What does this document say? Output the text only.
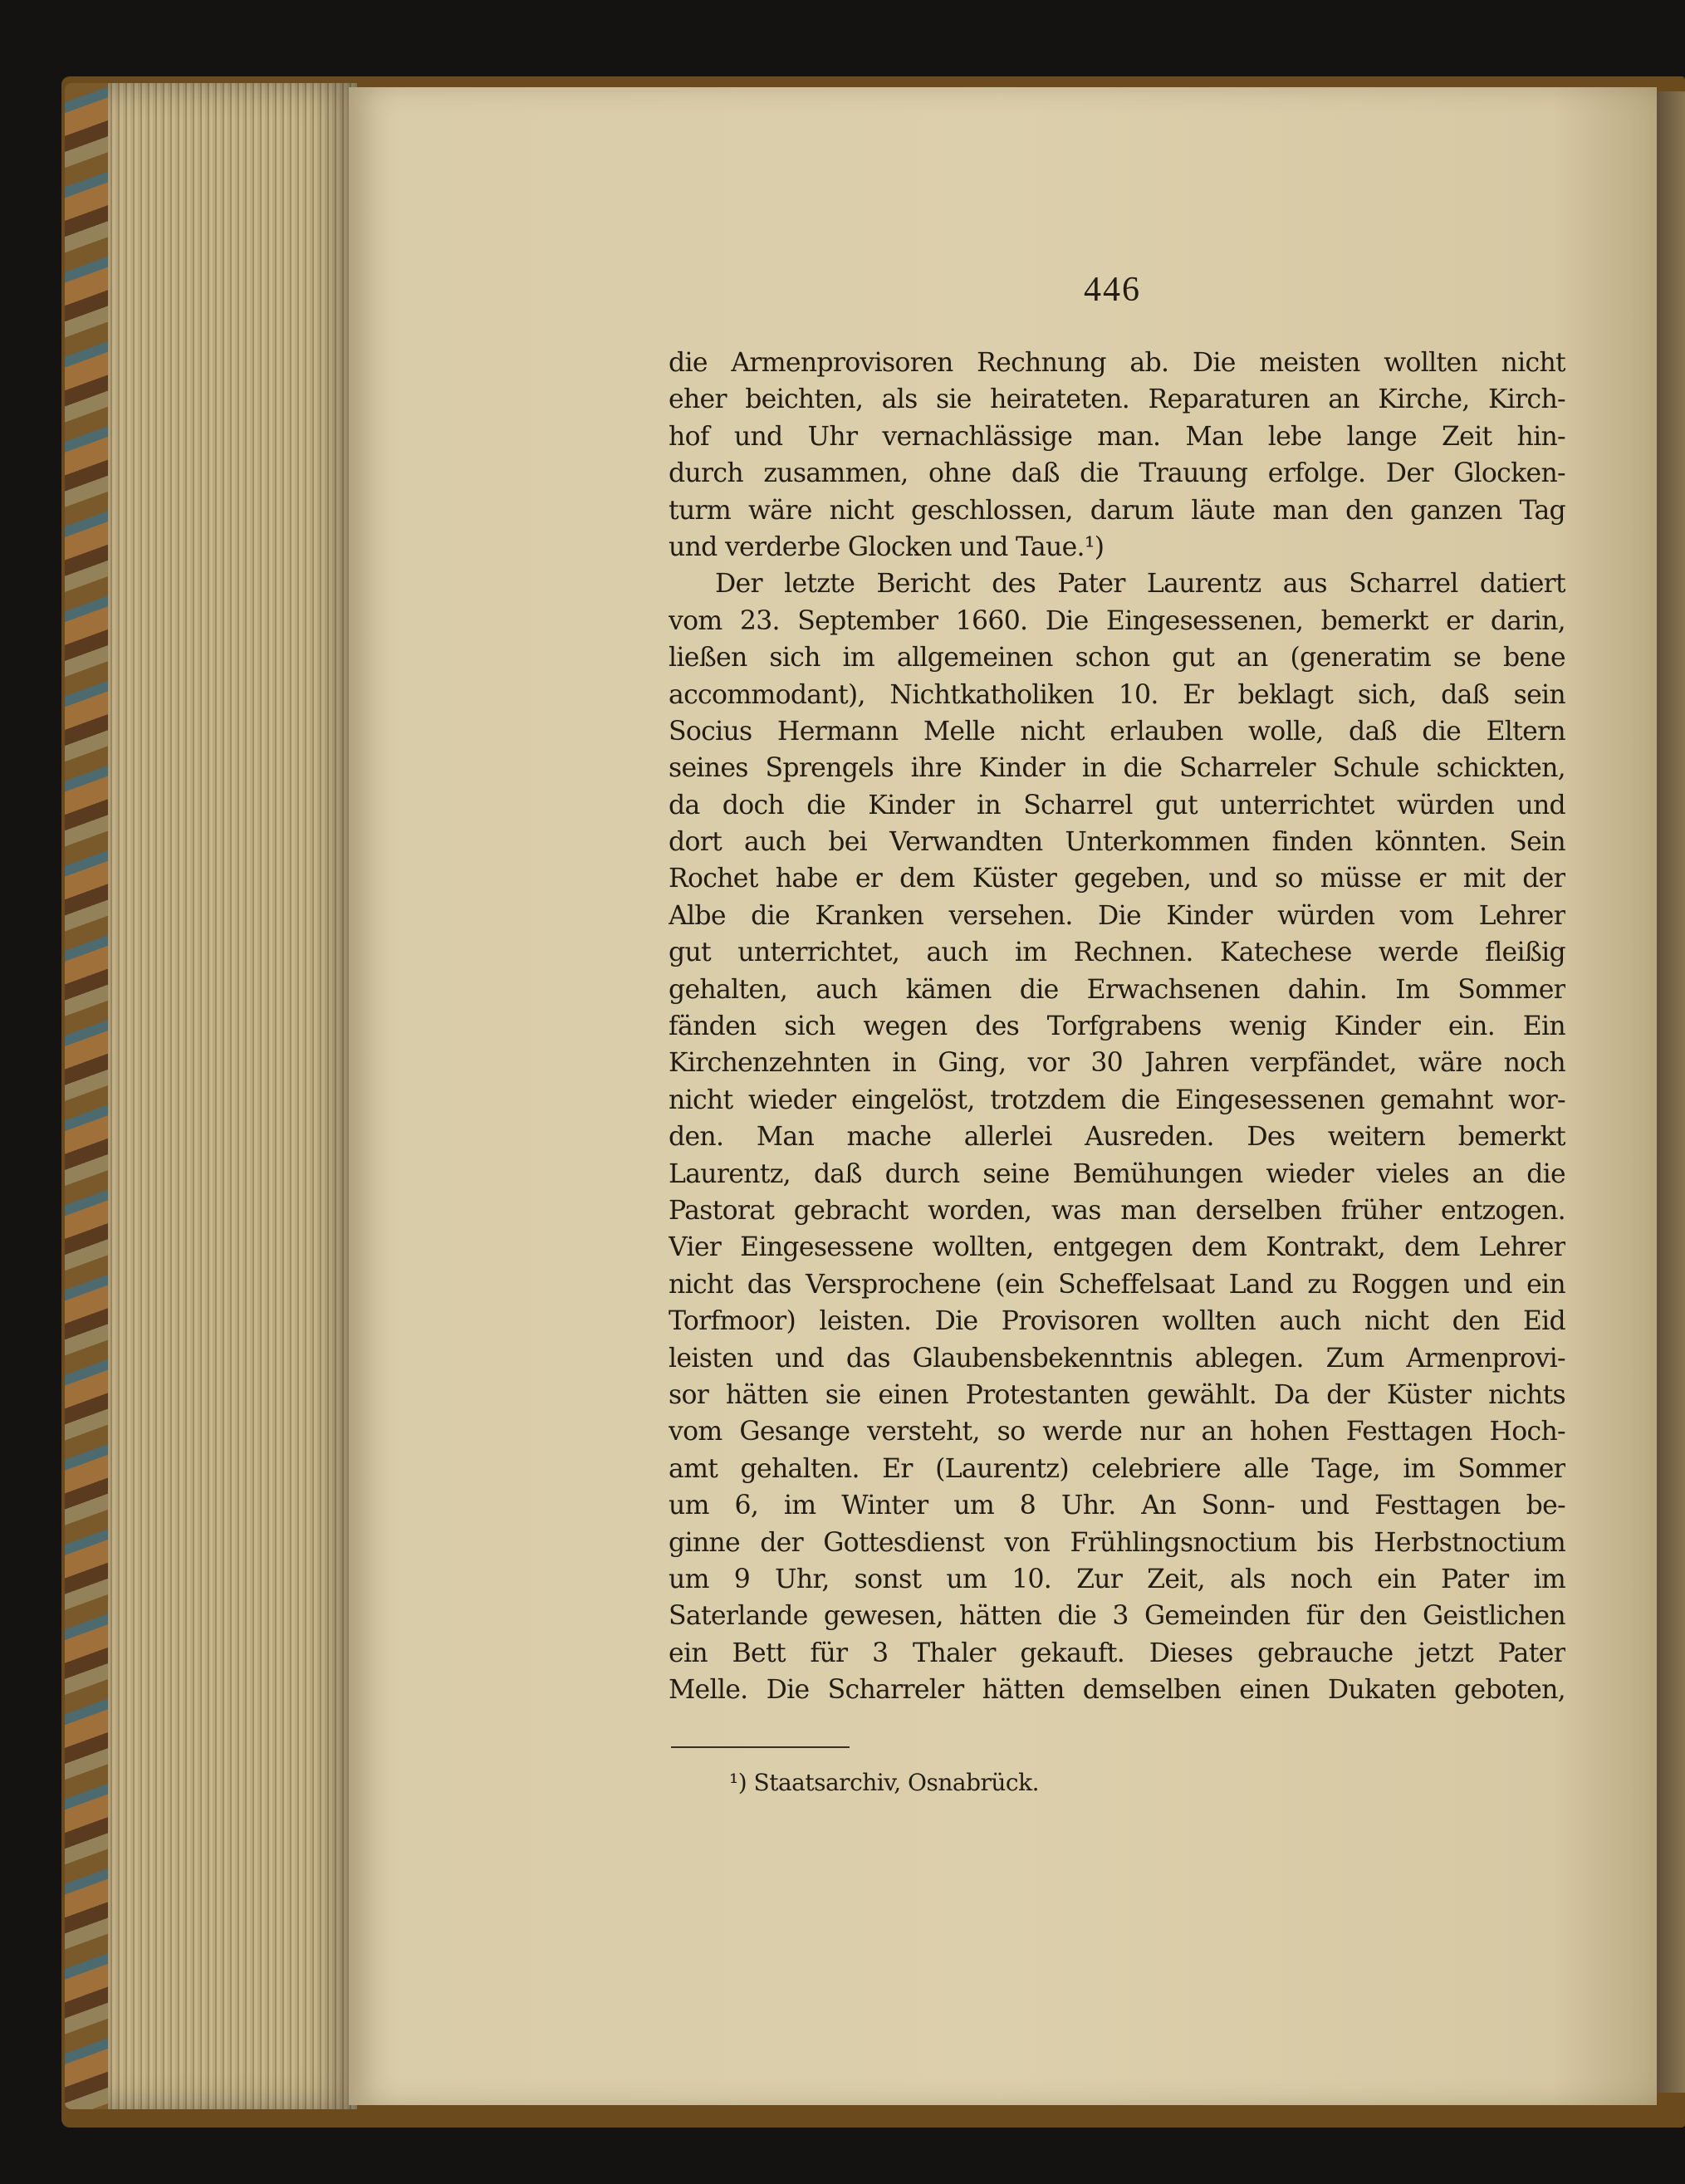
446
die Armenprovisoren Rechnung ab. Die meisten wollten nicht
eher beichten, als sie heirateten. Reparaturen an Kirche, Kirch-
hof und Uhr vernachlässige man. Man lebe lange Zeit hin-
durch zusammen, ohne daß die Trauung erfolge. Der Glocken-
turm wäre nicht geschlossen, darum läute man den ganzen Tag
und verderbe Glocken und Taue.¹)
Der letzte Bericht des Pater Laurentz aus Scharrel datiert
vom 23. September 1660. Die Eingesessenen, bemerkt er darin,
ließen sich im allgemeinen schon gut an (generatim se bene
accommodant), Nichtkatholiken 10. Er beklagt sich, daß sein
Socius Hermann Melle nicht erlauben wolle, daß die Eltern
seines Sprengels ihre Kinder in die Scharreler Schule schickten,
da doch die Kinder in Scharrel gut unterrichtet würden und
dort auch bei Verwandten Unterkommen finden könnten. Sein
Rochet habe er dem Küster gegeben, und so müsse er mit der
Albe die Kranken versehen. Die Kinder würden vom Lehrer
gut unterrichtet, auch im Rechnen. Katechese werde fleißig
gehalten, auch kämen die Erwachsenen dahin. Im Sommer
fänden sich wegen des Torfgrabens wenig Kinder ein. Ein
Kirchenzehnten in Ging, vor 30 Jahren verpfändet, wäre noch
nicht wieder eingelöst, trotzdem die Eingesessenen gemahnt wor-
den. Man mache allerlei Ausreden. Des weitern bemerkt
Laurentz, daß durch seine Bemühungen wieder vieles an die
Pastorat gebracht worden, was man derselben früher entzogen.
Vier Eingesessene wollten, entgegen dem Kontrakt, dem Lehrer
nicht das Versprochene (ein Scheffelsaat Land zu Roggen und ein
Torfmoor) leisten. Die Provisoren wollten auch nicht den Eid
leisten und das Glaubensbekenntnis ablegen. Zum Armenprovi-
sor hätten sie einen Protestanten gewählt. Da der Küster nichts
vom Gesange versteht, so werde nur an hohen Festtagen Hoch-
amt gehalten. Er (Laurentz) celebriere alle Tage, im Sommer
um 6, im Winter um 8 Uhr. An Sonn- und Festtagen be-
ginne der Gottesdienst von Frühlingsnoctium bis Herbstnoctium
um 9 Uhr, sonst um 10. Zur Zeit, als noch ein Pater im
Saterlande gewesen, hätten die 3 Gemeinden für den Geistlichen
ein Bett für 3 Thaler gekauft. Dieses gebrauche jetzt Pater
Melle. Die Scharreler hätten demselben einen Dukaten geboten,
¹) Staatsarchiv, Osnabrück.
